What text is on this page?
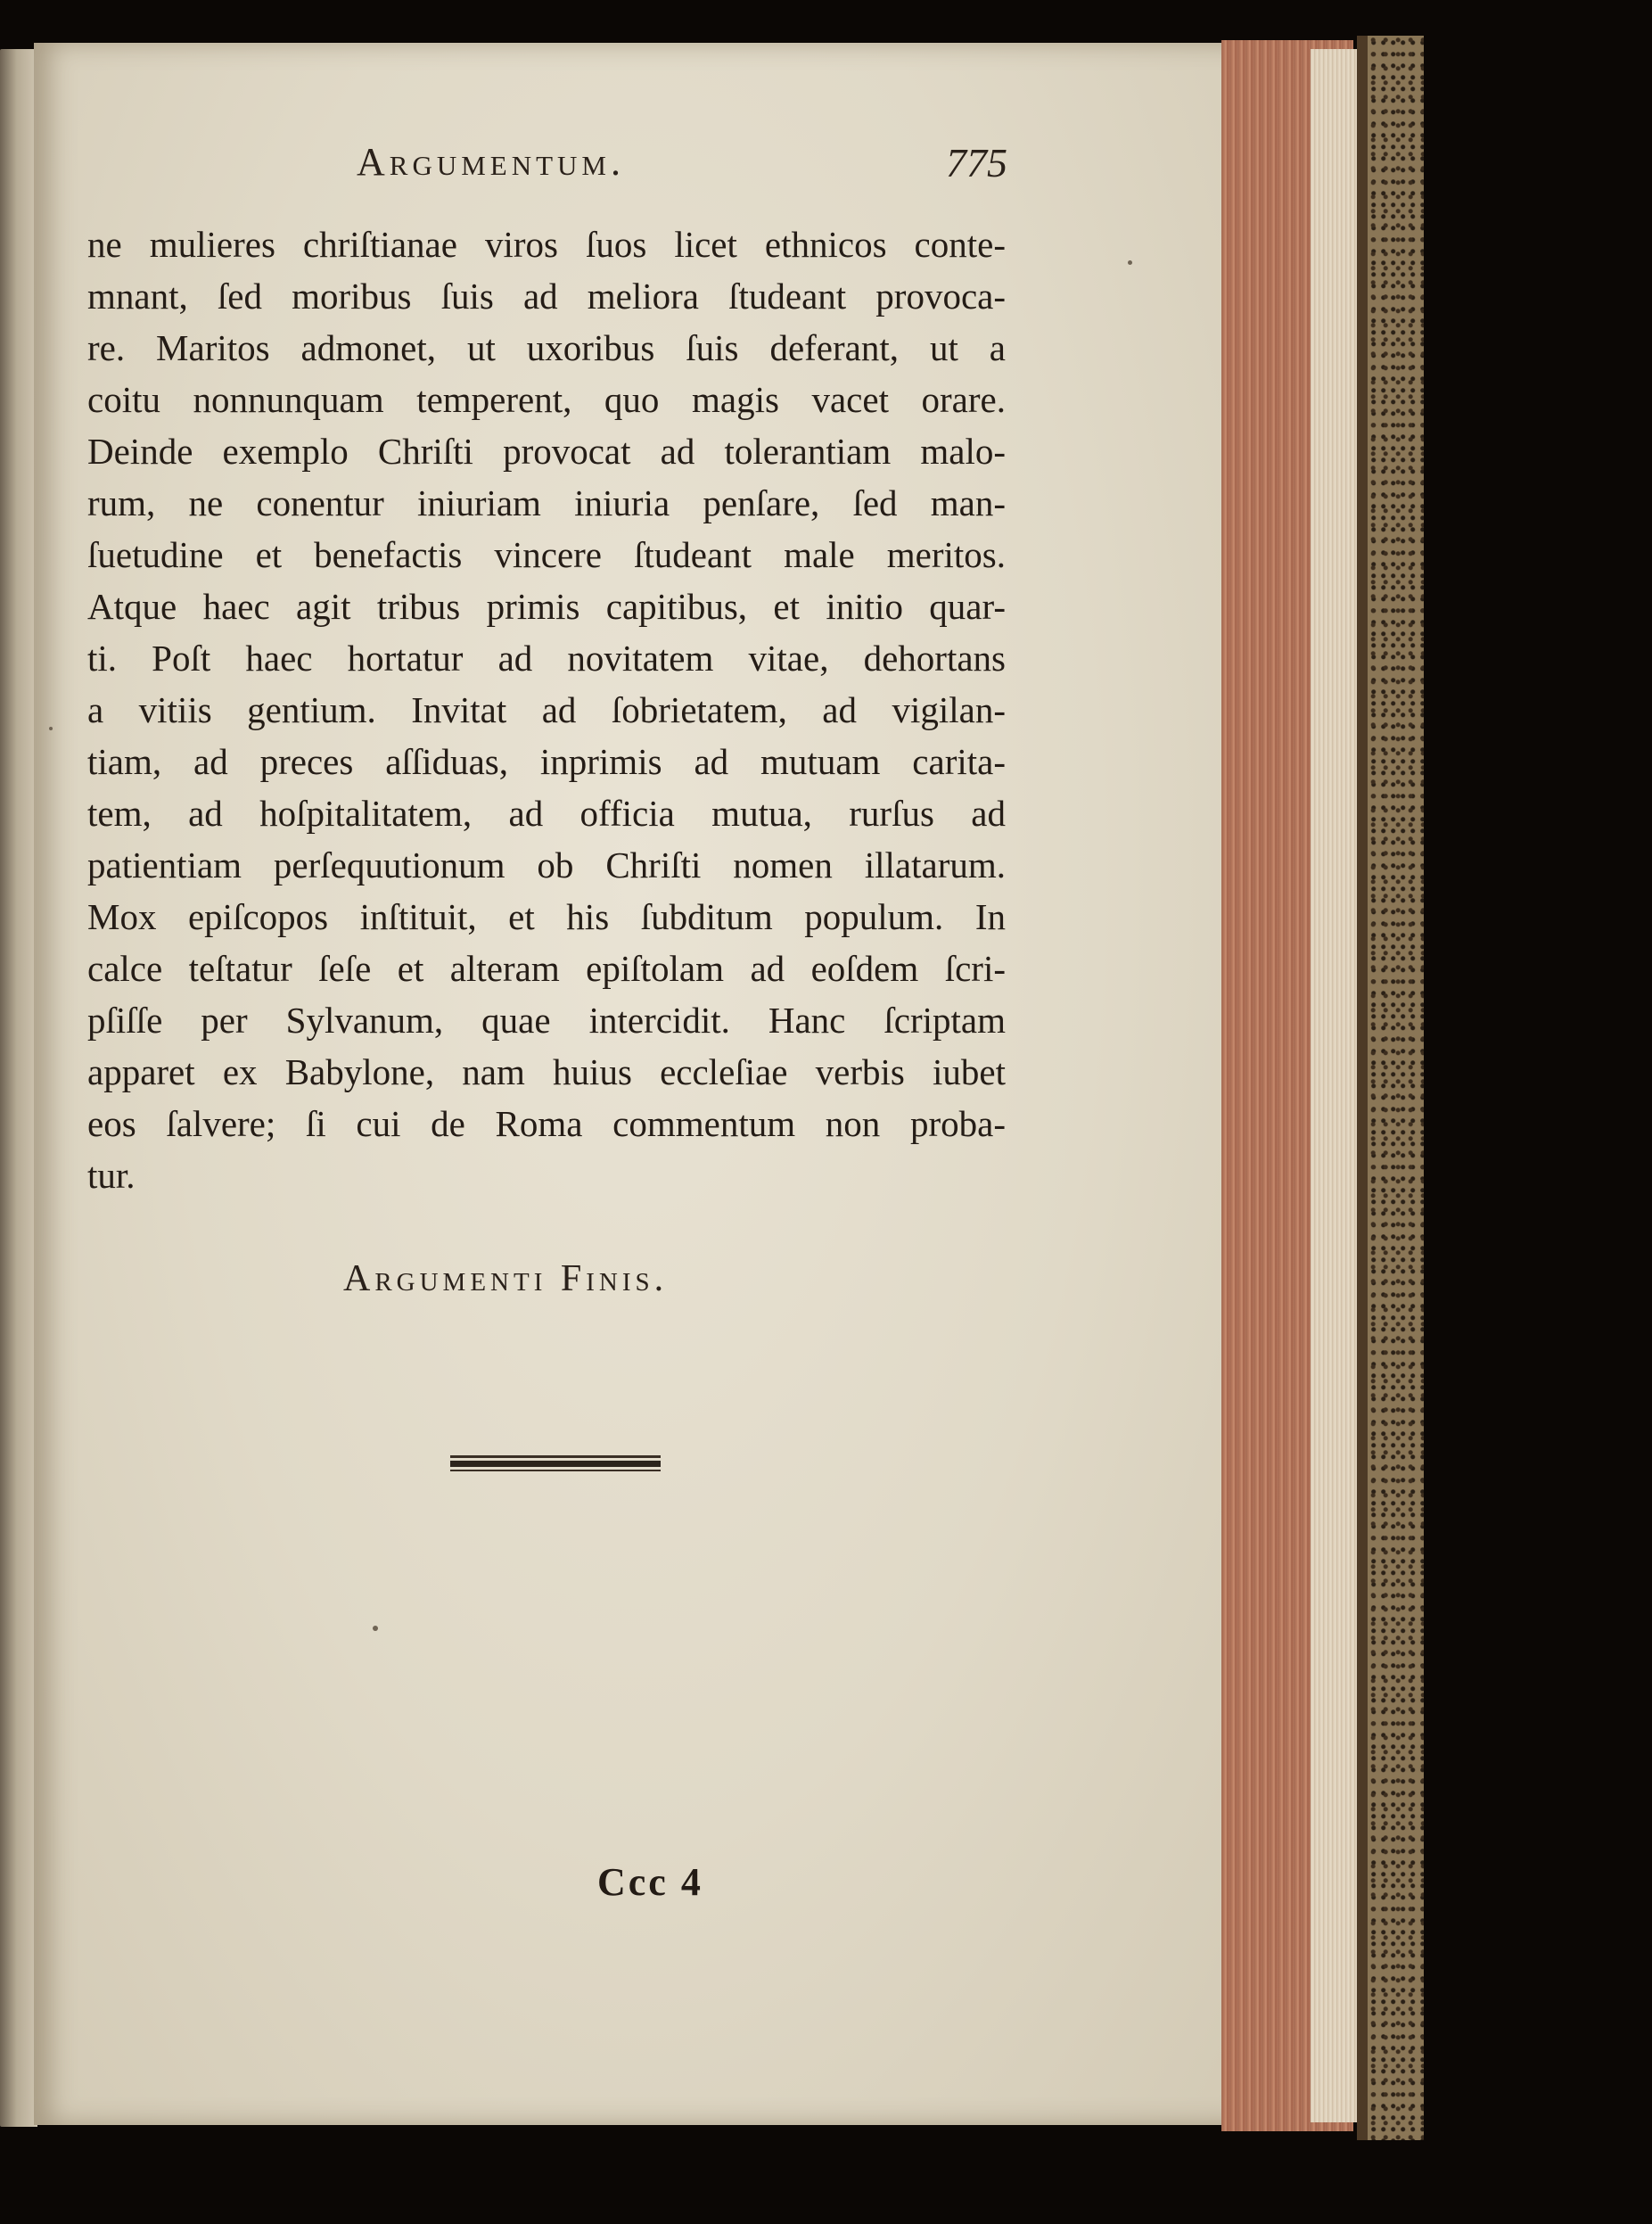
Argumentum.	775
ne mulieres chriſtianae viros ſuos licet ethnicos conte-
mnant, ſed moribus ſuis ad meliora ſtudeant provoca-
re. Maritos admonet, ut uxoribus ſuis deferant, ut a
coitu nonnunquam temperent, quo magis vacet orare.
Deinde exemplo Chriſti provocat ad tolerantiam malo-
rum, ne conentur iniuriam iniuria penſare, ſed man-
ſuetudine et benefactis vincere ſtudeant male meritos.
Atque haec agit tribus primis capitibus, et initio quar-
ti. Poſt haec hortatur ad novitatem vitae, dehortans
a vitiis gentium. Invitat ad ſobrietatem, ad vigilan-
tiam, ad preces aſſiduas, inprimis ad mutuam carita-
tem, ad hoſpitalitatem, ad officia mutua, rurſus ad
patientiam perſequutionum ob Chriſti nomen illatarum.
Mox epiſcopos inſtituit, et his ſubditum populum. In
calce teſtatur ſeſe et alteram epiſtolam ad eoſdem ſcri-
pſiſſe per Sylvanum, quae intercidit. Hanc ſcriptam
apparet ex Babylone, nam huius eccleſiae verbis iubet
eos ſalvere; ſi cui de Roma commentum non proba-
tur.
Argumenti Finis.
Ccc 4
